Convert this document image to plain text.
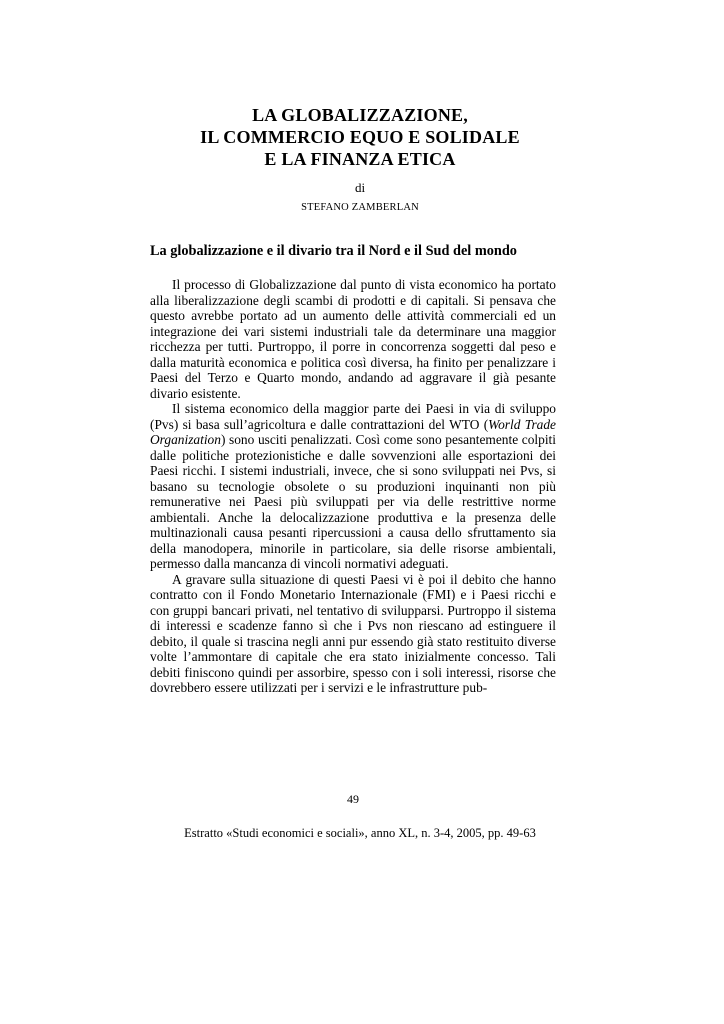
LA GLOBALIZZAZIONE,
IL COMMERCIO EQUO E SOLIDALE
E LA FINANZA ETICA
di
STEFANO ZAMBERLAN
La globalizzazione e il divario tra il Nord e il Sud del mondo

Il processo di Globalizzazione dal punto di vista economico ha portato alla liberalizzazione degli scambi di prodotti e di capitali. Si pensava che questo avrebbe portato ad un aumento delle attività commerciali ed un integrazione dei vari sistemi industriali tale da determinare una maggior ricchezza per tutti. Purtroppo, il porre in concorrenza soggetti dal peso e dalla maturità economica e politica così diversa, ha finito per penalizzare i Paesi del Terzo e Quarto mondo, andando ad aggravare il già pesante divario esistente.

Il sistema economico della maggior parte dei Paesi in via di sviluppo (Pvs) si basa sull’agricoltura e dalle contrattazioni del WTO (World Trade Organization) sono usciti penalizzati. Così come sono pesantemente colpiti dalle politiche protezionistiche e dalle sovvenzioni alle esportazioni dei Paesi ricchi. I sistemi industriali, invece, che si sono sviluppati nei Pvs, si basano su tecnologie obsolete o su produzioni inquinanti non più remunerative nei Paesi più sviluppati per via delle restrittive norme ambientali. Anche la delocalizzazione produttiva e la presenza delle multinazionali causa pesanti ripercussioni a causa dello sfruttamento sia della manodopera, minorile in particolare, sia delle risorse ambientali, permesso dalla mancanza di vincoli normativi adeguati.

A gravare sulla situazione di questi Paesi vi è poi il debito che hanno contratto con il Fondo Monetario Internazionale (FMI) e i Paesi ricchi e con gruppi bancari privati, nel tentativo di svilupparsi. Purtroppo il sistema di interessi e scadenze fanno sì che i Pvs non riescano ad estinguere il debito, il quale si trascina negli anni pur essendo già stato restituito diverse volte l’ammontare di capitale che era stato inizialmente concesso. Tali debiti finiscono quindi per assorbire, spesso con i soli interessi, risorse che dovrebbero essere utilizzati per i servizi e le infrastrutture pub-

49
Estratto «Studi economici e sociali», anno XL, n. 3-4, 2005, pp. 49-63
